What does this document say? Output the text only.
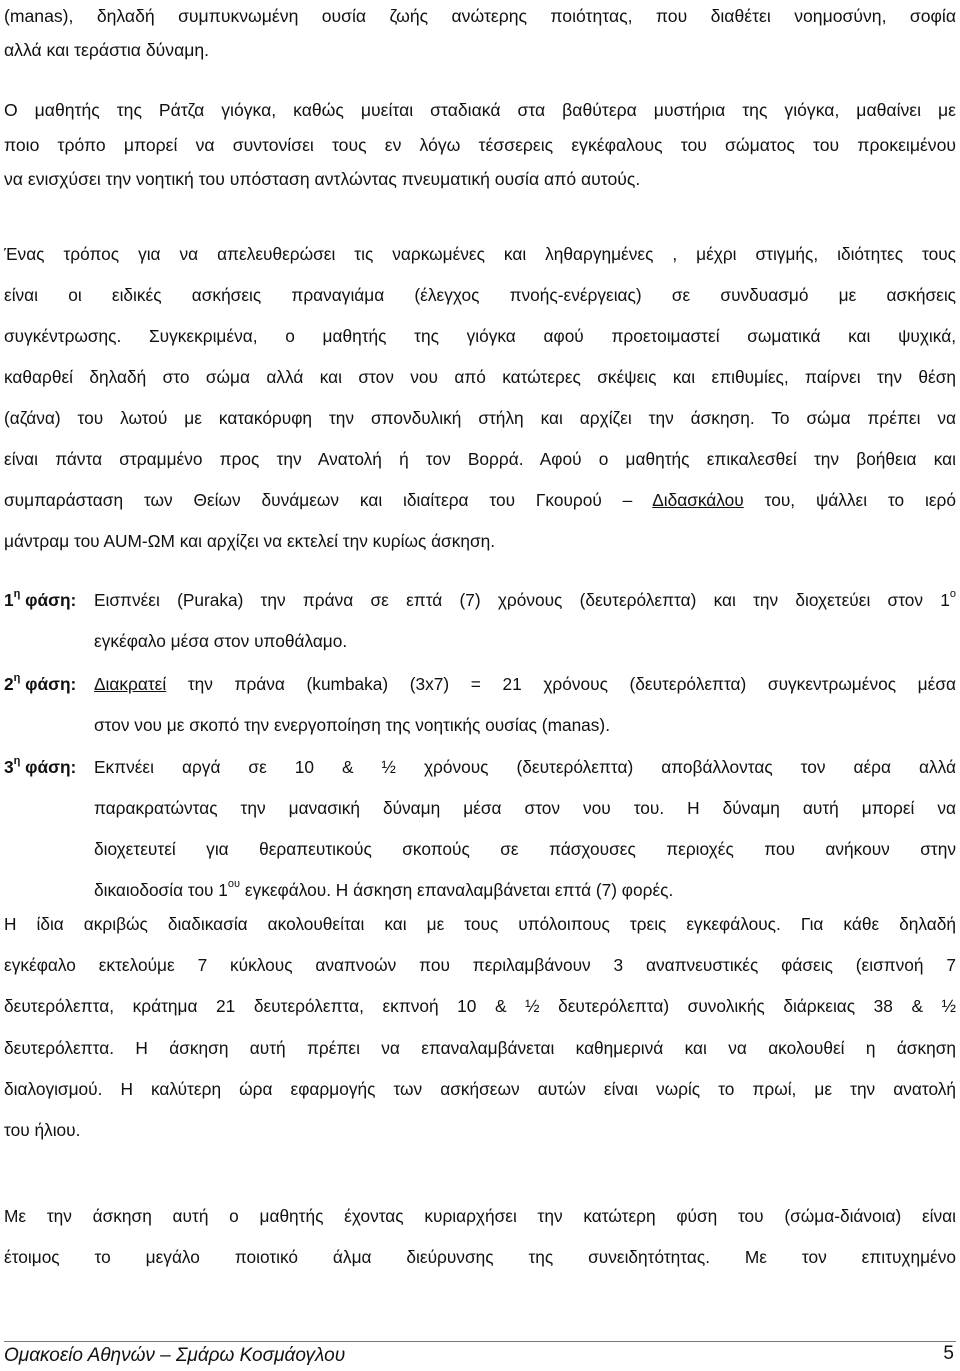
(manas), δηλαδή συμπυκνωμένη ουσία ζωής ανώτερης ποιότητας, που διαθέτει νοημοσύνη, σοφία
αλλά και τεράστια δύναμη.

Ο μαθητής της Ράτζα γιόγκα, καθώς μυείται σταδιακά στα βαθύτερα μυστήρια της γιόγκα, μαθαίνει με
ποιο τρόπο μπορεί να συντονίσει τους εν λόγω τέσσερεις εγκέφαλους του σώματος του προκειμένου
να ενισχύσει την νοητική του υπόσταση αντλώντας πνευματική ουσία από αυτούς.

Ένας τρόπος για να απελευθερώσει τις ναρκωμένες και ληθαργημένες , μέχρι στιγμής, ιδιότητες τους
είναι οι ειδικές ασκήσεις πραναγιάμα (έλεγχος πνοής-ενέργειας) σε συνδυασμό με ασκήσεις
συγκέντρωσης. Συγκεκριμένα, ο μαθητής της γιόγκα αφού προετοιμαστεί σωματικά και ψυχικά,
καθαρθεί δηλαδή στο σώμα αλλά και στον νου από κατώτερες σκέψεις και επιθυμίες, παίρνει την θέση
(αζάνα) του λωτού με κατακόρυφη την σπονδυλική στήλη και αρχίζει την άσκηση. Το σώμα πρέπει να
είναι πάντα στραμμένο προς την Ανατολή ή τον Βορρά. Αφού ο μαθητής επικαλεσθεί την βοήθεια και
συμπαράσταση των Θείων δυνάμεων και ιδιαίτερα του Γκουρού – Διδασκάλου του, ψάλλει το ιερό
μάντραμ του ΑUM-ΩΜ και αρχίζει να εκτελεί την κυρίως άσκηση.

$1^\eta$ φάση:	Εισπνέει (Puraka) την πράνα σε επτά (7) χρόνους (δευτερόλεπτα) και την διοχετεύει στον $1^o$
εγκέφαλο μέσα στον υποθάλαμο.
$2^\eta$ φάση:	Διακρατεί την πράνα (kumbaka) (3x7) = 21 χρόνους (δευτερόλεπτα) συγκεντρωμένος μέσα
στον νου με σκοπό την ενεργοποίηση της νοητικής ουσίας (manas).
$3^\eta$ φάση:	Εκπνέει αργά σε 10 & ½ χρόνους (δευτερόλεπτα) αποβάλλοντας τον αέρα αλλά
παρακρατώντας την μανασική δύναμη μέσα στον νου του. Η δύναμη αυτή μπορεί να
διοχετευτεί για θεραπευτικούς σκοπούς σε πάσχουσες περιοχές που ανήκουν στην
δικαιοδοσία του $1^{o\upsilon}$ εγκεφάλου. Η άσκηση επαναλαμβάνεται επτά (7) φορές.

Η ίδια ακριβώς διαδικασία ακολουθείται και με τους υπόλοιπους τρεις εγκεφάλους. Για κάθε δηλαδή
εγκέφαλο εκτελούμε 7 κύκλους αναπνοών που περιλαμβάνουν 3 αναπνευστικές φάσεις (εισπνοή 7
δευτερόλεπτα, κράτημα 21 δευτερόλεπτα, εκπνοή 10 & ½ δευτερόλεπτα) συνολικής διάρκειας 38 & ½
δευτερόλεπτα. Η άσκηση αυτή πρέπει να επαναλαμβάνεται καθημερινά και να ακολουθεί η άσκηση
διαλογισμού. Η καλύτερη ώρα εφαρμογής των ασκήσεων αυτών είναι νωρίς το πρωί, με την ανατολή
του ήλιου.

Με την άσκηση αυτή ο μαθητής έχοντας κυριαρχήσει την κατώτερη φύση του (σώμα-διάνοια) είναι
έτοιμος το μεγάλο ποιοτικό άλμα διεύρυνσης της συνειδητότητας. Με τον επιτυχημένο

Ομακοείο Αθηνών – Σμάρω Κοσμάογλου	5
